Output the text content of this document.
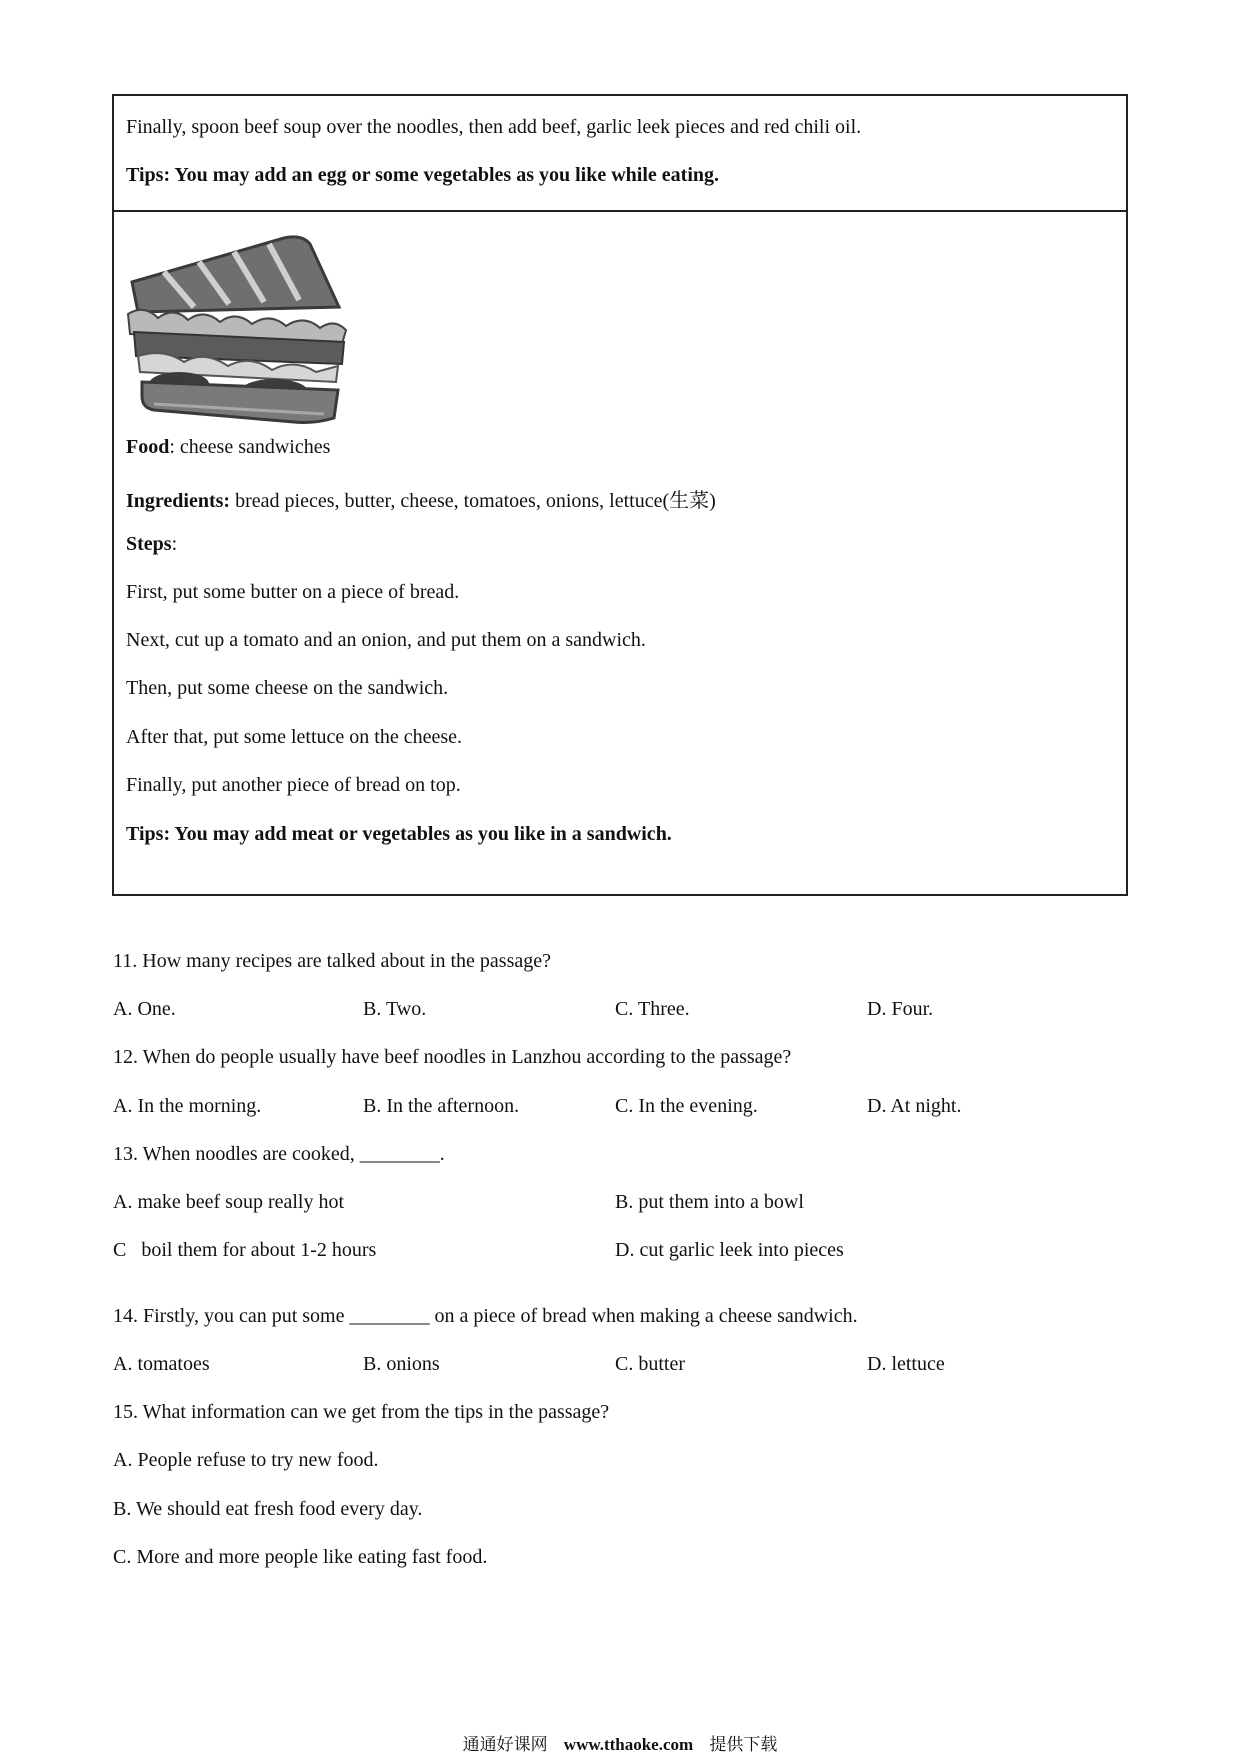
Finally, spoon beef soup over the noodles, then add beef, garlic leek pieces and red chili oil.

Tips: You may add an egg or some vegetables as you like while eating.

Food: cheese sandwiches

Ingredients: bread pieces, butter, cheese, tomatoes, onions, lettuce(生菜)

Steps:

First, put some butter on a piece of bread.

Next, cut up a tomato and an onion, and put them on a sandwich.

Then, put some cheese on the sandwich.

After that, put some lettuce on the cheese.

Finally, put another piece of bread on top.

Tips: You may add meat or vegetables as you like in a sandwich.

11. How many recipes are talked about in the passage?

A. One.	B. Two.	C. Three.	D. Four.

12. When do people usually have beef noodles in Lanzhou according to the passage?

A. In the morning.	B. In the afternoon.	C. In the evening.	D. At night.

13. When noodles are cooked, ________.

A. make beef soup really hot	B. put them into a bowl

C   boil them for about 1-2 hours	D. cut garlic leek into pieces

14. Firstly, you can put some ________ on a piece of bread when making a cheese sandwich.

A. tomatoes	B. onions	C. butter	D. lettuce

15. What information can we get from the tips in the passage?

A. People refuse to try new food.

B. We should eat fresh food every day.

C. More and more people like eating fast food.

通通好课网 www.tthaoke.com 提供下载
